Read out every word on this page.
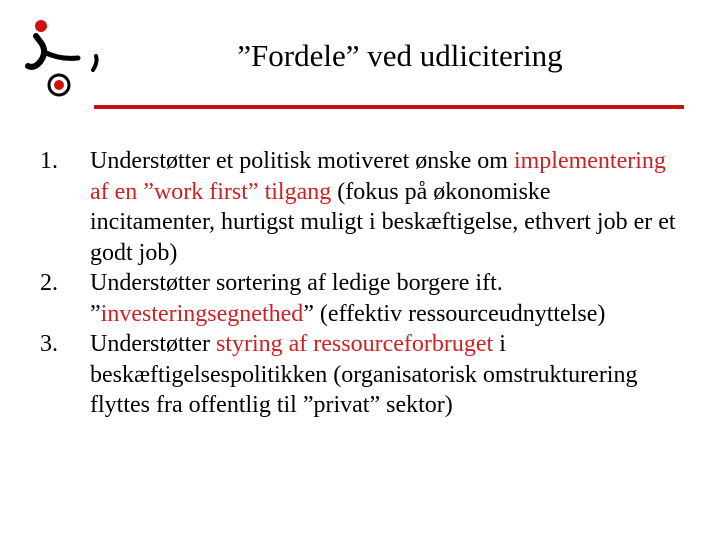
”Fordele” ved udlicitering
1.	Understøtter et politisk motiveret ønske om implementering af en ”work first” tilgang (fokus på økonomiske incitamenter, hurtigst muligt i beskæftigelse, ethvert job er et godt job)
2.	Understøtter sortering af ledige borgere ift. ”investeringsegnethed” (effektiv ressourceudnyttelse)
3.	Understøtter styring af ressourceforbruget i beskæftigelsespolitikken (organisatorisk omstrukturering flyttes fra offentlig til ”privat” sektor)
